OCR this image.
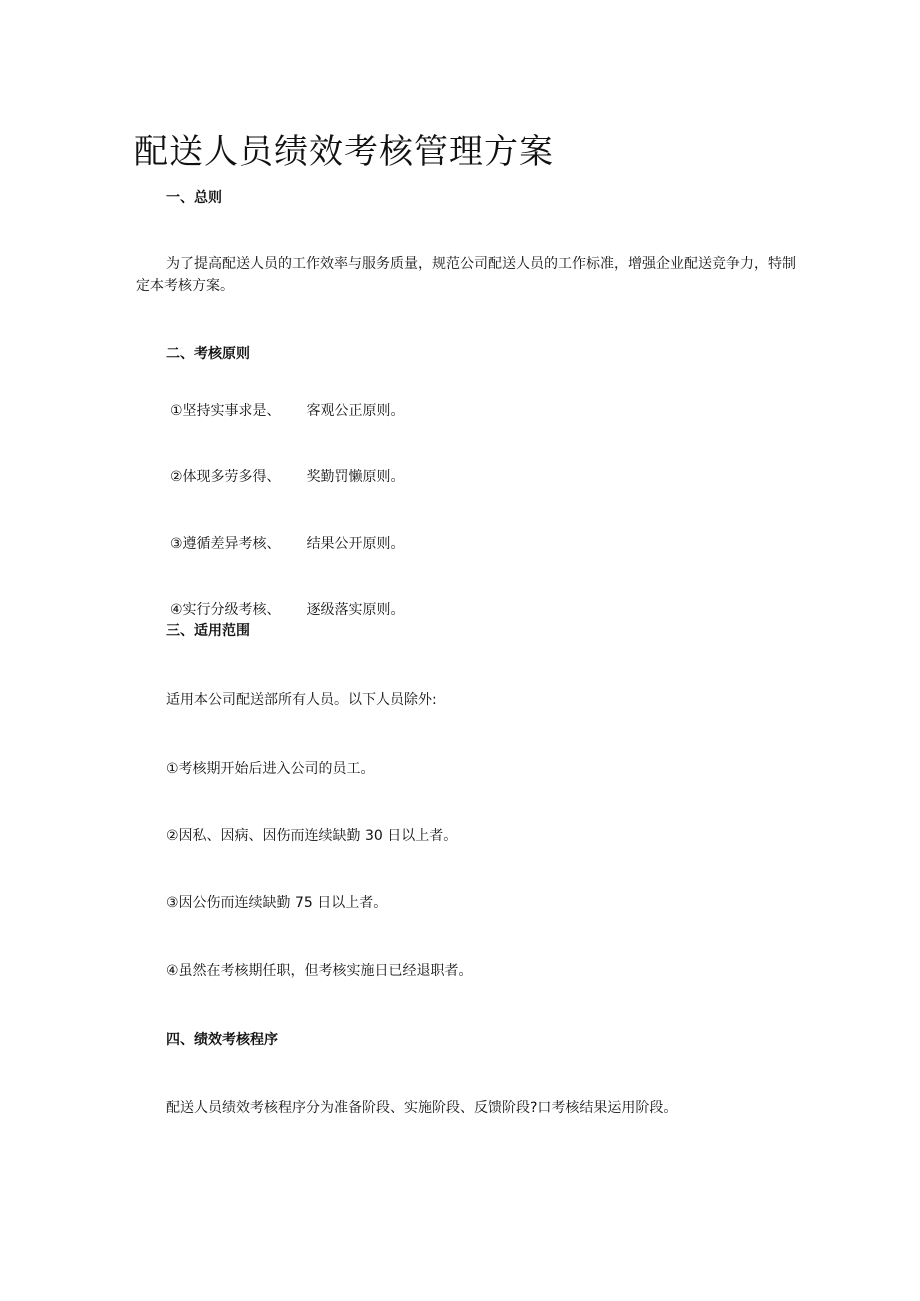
配送人员绩效考核管理方案
一、总则

为了提高配送人员的工作效率与服务质量，规范公司配送人员的工作标准，增强企业配送竞争力，特制定本考核方案。

二、考核原则

①坚持实事求是、 客观公正原则。

②体现多劳多得、 奖勤罚懒原则。

③遵循差异考核、 结果公开原则。

④实行分级考核、 逐级落实原则。

三、适用范围

适用本公司配送部所有人员。以下人员除外:

①考核期开始后进入公司的员工。

②因私、因病、因伤而连续缺勤 30 日以上者。

③因公伤而连续缺勤 75 日以上者。

④虽然在考核期任职，但考核实施日已经退职者。

四、绩效考核程序

配送人员绩效考核程序分为准备阶段、实施阶段、反馈阶段?口考核结果运用阶段。
